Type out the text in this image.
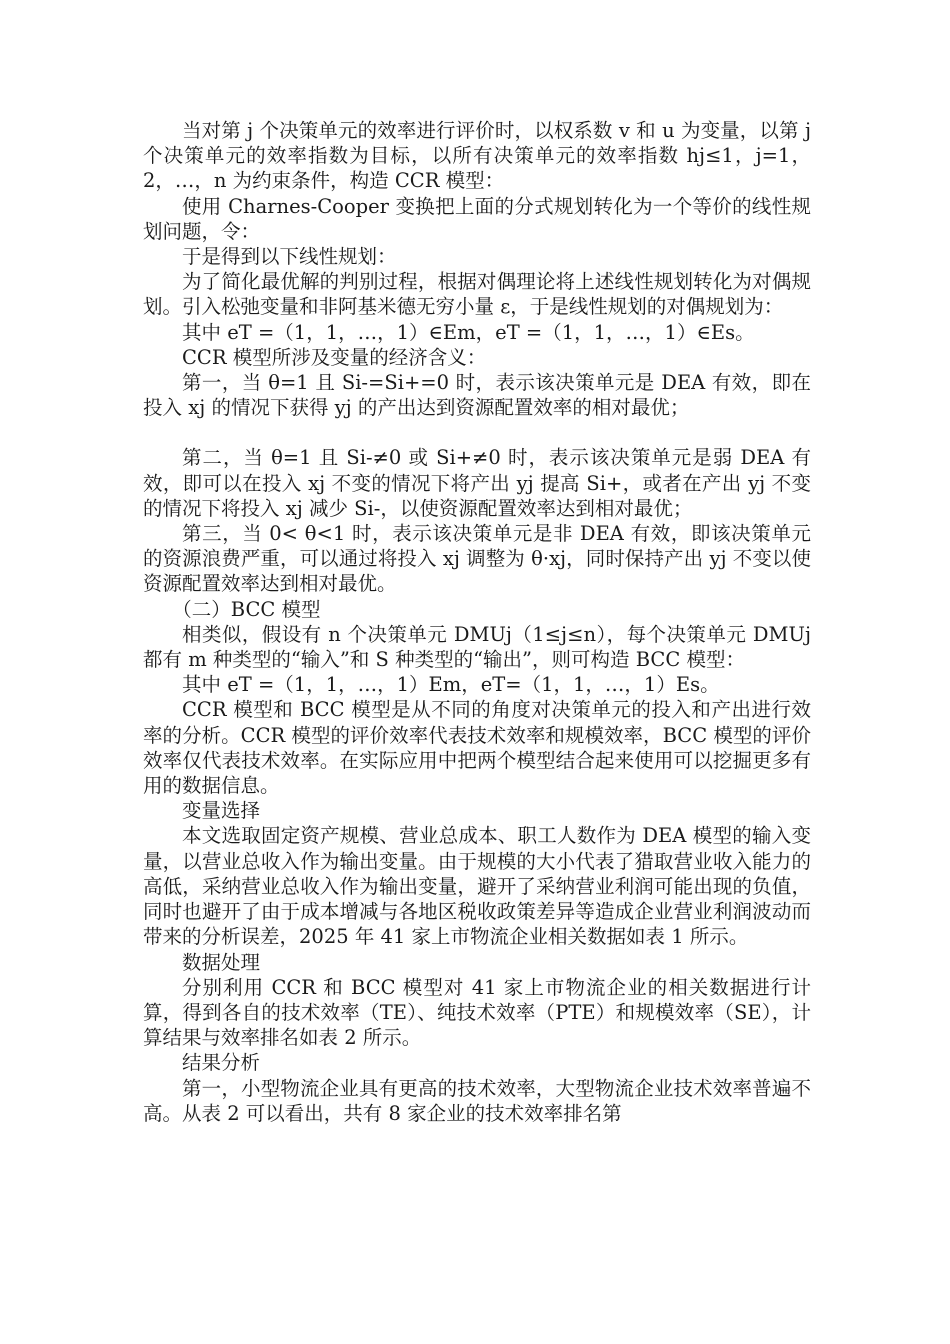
当对第 j 个决策单元的效率进行评价时，以权系数 v 和 u 为变量，以第 j 个决策单元的效率指数为目标，以所有决策单元的效率指数 hj≤1，j=1，2，…，n 为约束条件，构造 CCR 模型：

使用 Charnes-Cooper 变换把上面的分式规划转化为一个等价的线性规划问题，令：

于是得到以下线性规划：

为了简化最优解的判别过程，根据对偶理论将上述线性规划转化为对偶规划。引入松弛变量和非阿基米德无穷小量 ε，于是线性规划的对偶规划为：

其中 eT =（1，1，…，1）∈Em，eT =（1，1，…，1）∈Es。

CCR 模型所涉及变量的经济含义：

第一，当 θ=1 且 Si-=Si+=0 时，表示该决策单元是 DEA 有效，即在投入 xj 的情况下获得 yj 的产出达到资源配置效率的相对最优；

第二，当 θ=1 且 Si-≠0 或 Si+≠0 时，表示该决策单元是弱 DEA 有效，即可以在投入 xj 不变的情况下将产出 yj 提高 Si+，或者在产出 yj 不变的情况下将投入 xj 减少 Si-，以使资源配置效率达到相对最优；

第三，当 0< θ<1 时，表示该决策单元是非 DEA 有效，即该决策单元的资源浪费严重，可以通过将投入 xj 调整为 θ·xj，同时保持产出 yj 不变以使资源配置效率达到相对最优。

（二）BCC 模型

相类似，假设有 n 个决策单元 DMUj（1≤j≤n），每个决策单元 DMUj 都有 m 种类型的“输入”和 S 种类型的“输出”，则可构造 BCC 模型：

其中 eT =（1，1，…，1）Em，eT=（1，1，…，1）Es。

CCR 模型和 BCC 模型是从不同的角度对决策单元的投入和产出进行效率的分析。CCR 模型的评价效率代表技术效率和规模效率，BCC 模型的评价效率仅代表技术效率。在实际应用中把两个模型结合起来使用可以挖掘更多有用的数据信息。

变量选择

本文选取固定资产规模、营业总成本、职工人数作为 DEA 模型的输入变量，以营业总收入作为输出变量。由于规模的大小代表了猎取营业收入能力的高低，采纳营业总收入作为输出变量，避开了采纳营业利润可能出现的负值，同时也避开了由于成本增减与各地区税收政策差异等造成企业营业利润波动而带来的分析误差，2025 年 41 家上市物流企业相关数据如表 1 所示。

数据处理

分别利用 CCR 和 BCC 模型对 41 家上市物流企业的相关数据进行计算，得到各自的技术效率（TE）、纯技术效率（PTE）和规模效率（SE），计算结果与效率排名如表 2 所示。

结果分析

第一，小型物流企业具有更高的技术效率，大型物流企业技术效率普遍不高。从表 2 可以看出，共有 8 家企业的技术效率排名第
